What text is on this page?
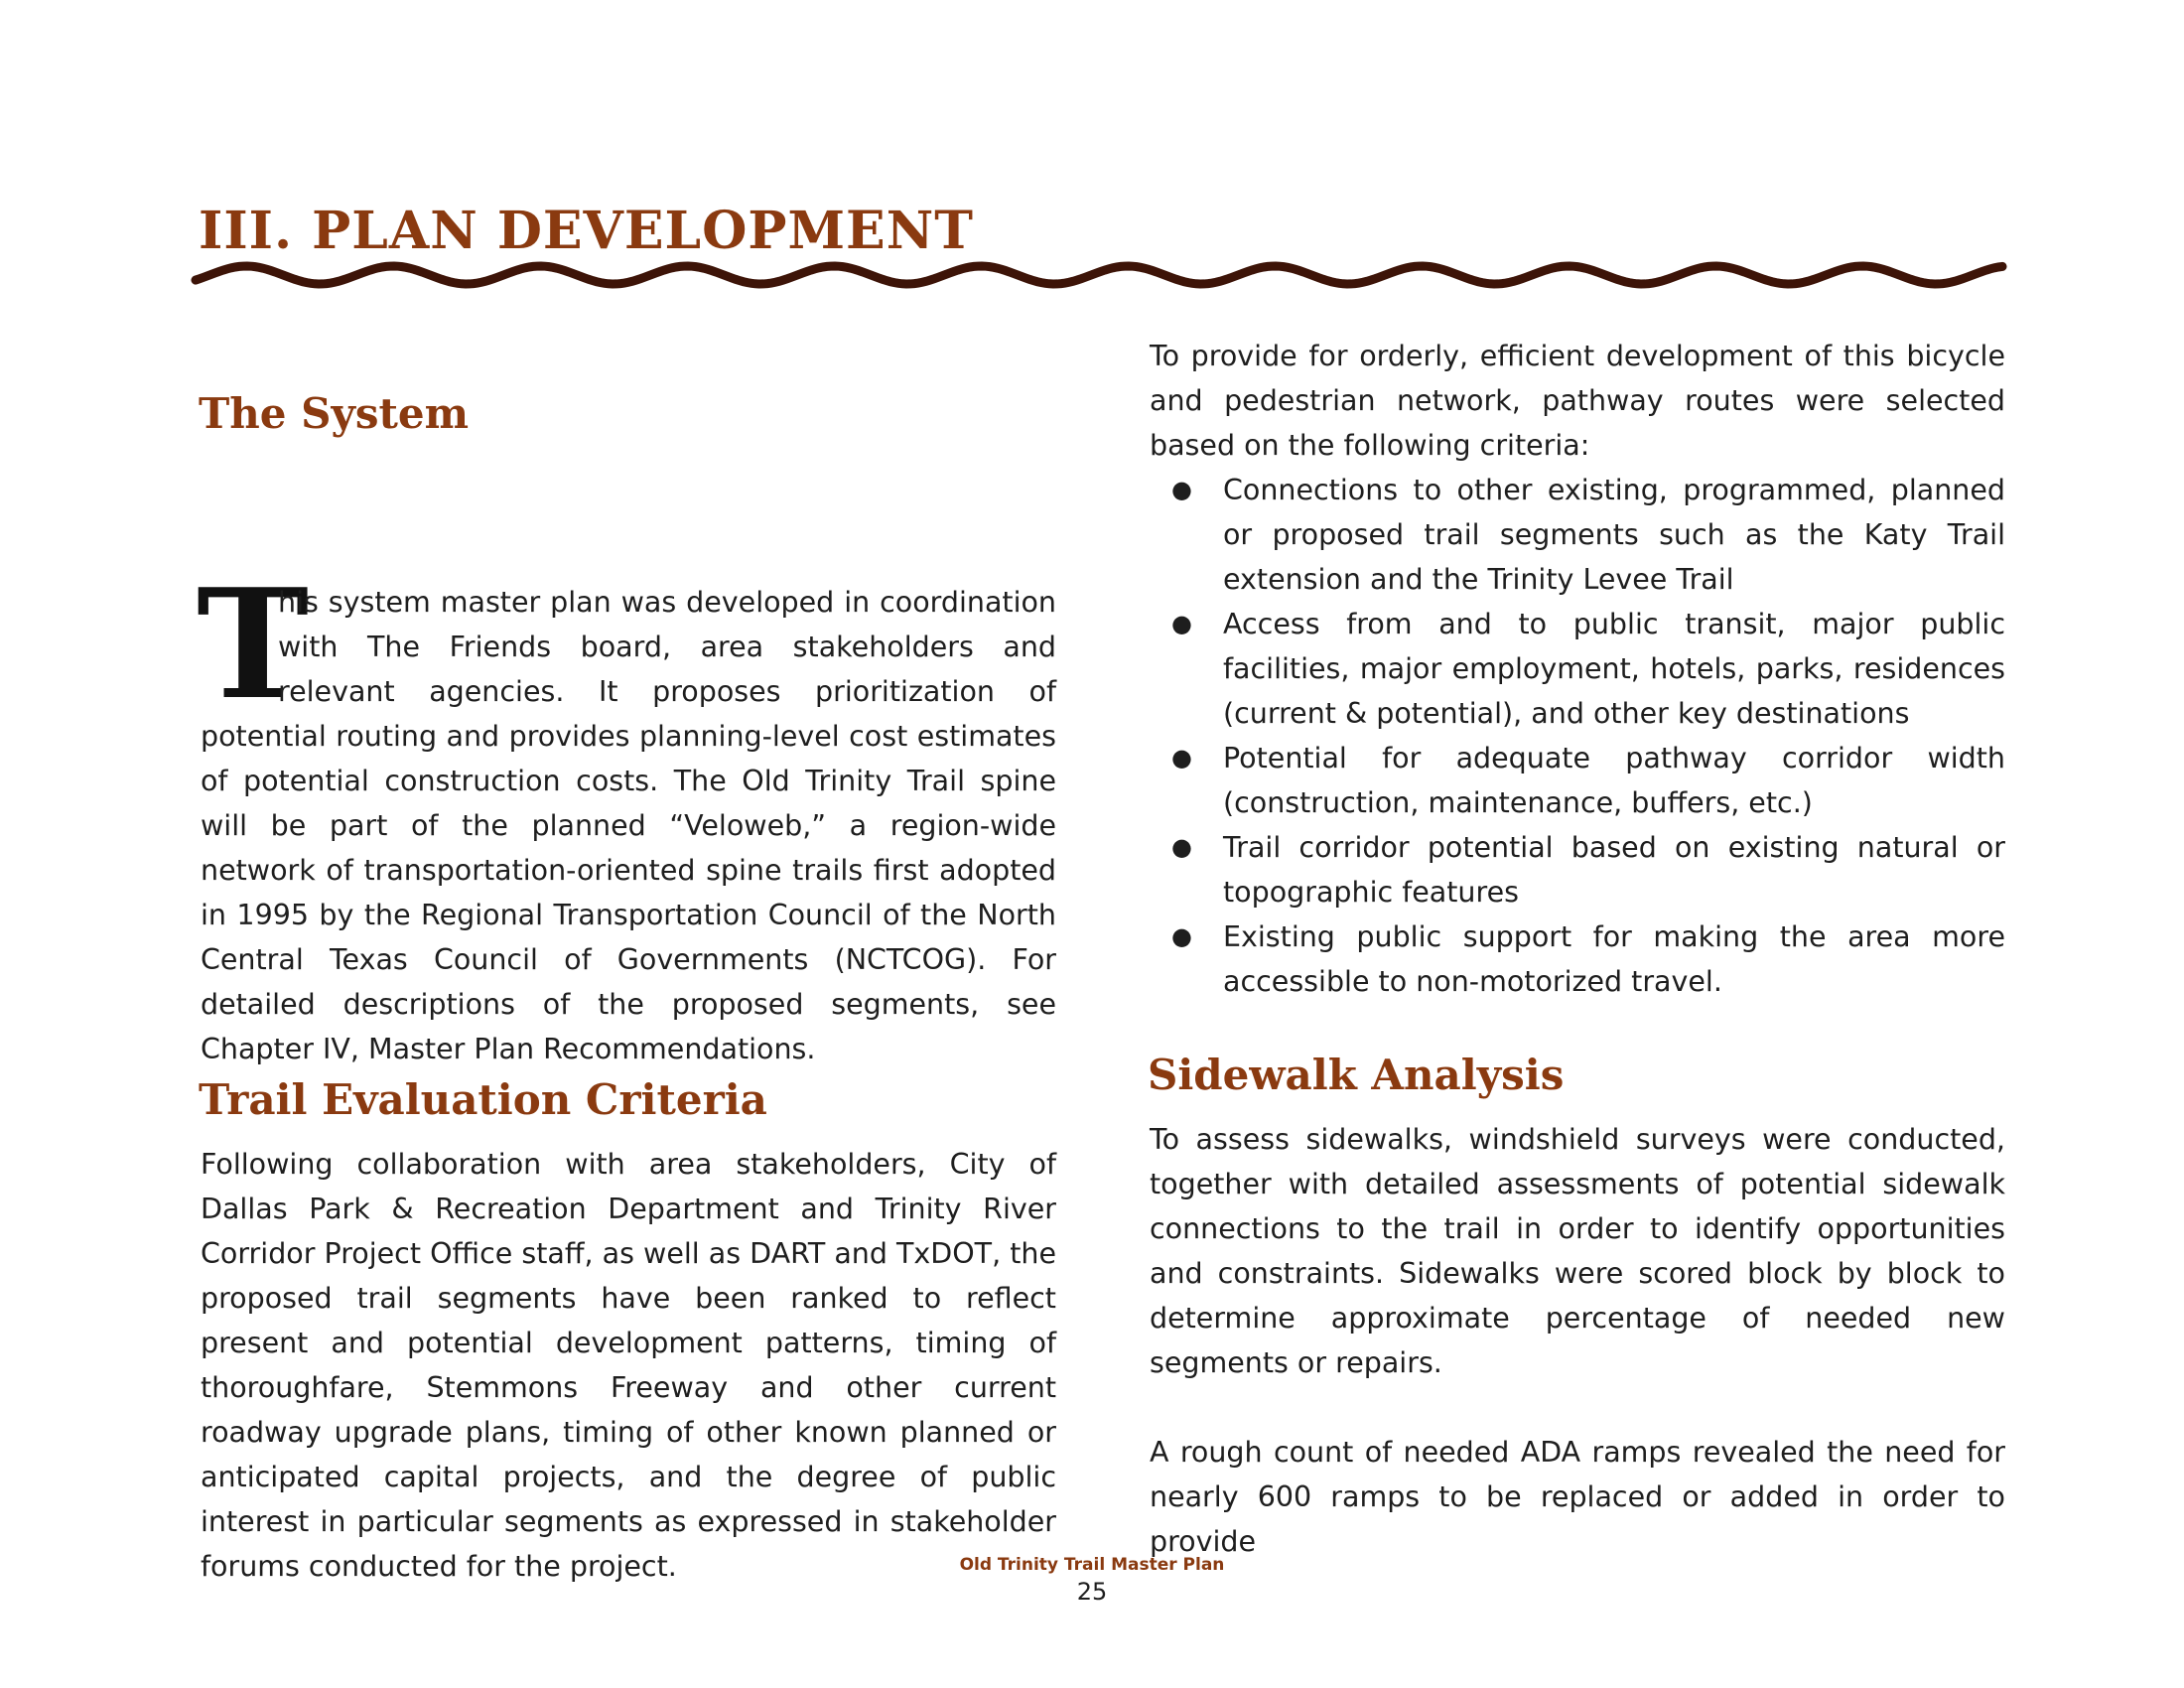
III. PLAN DEVELOPMENT
The System

T
his system master plan was developed in coordination with The Friends board, area stakeholders and relevant agencies. It proposes prioritization of potential routing and provides planning-level cost estimates of potential construction costs. The Old Trinity Trail spine will be part of the planned “Veloweb,” a region-wide network of transportation-oriented spine trails first adopted in 1995 by the Regional Transportation Council of the North Central Texas Council of Governments (NCTCOG). For detailed descriptions of the proposed segments, see Chapter IV, Master Plan Recommendations.

Trail Evaluation Criteria

Following collaboration with area stakeholders, City of Dallas Park & Recreation Department and Trinity River Corridor Project Office staff, as well as DART and TxDOT, the proposed trail segments have been ranked to reflect present and potential development patterns, timing of thoroughfare, Stemmons Freeway and other current roadway upgrade plans, timing of other known planned or anticipated capital projects, and the degree of public interest in particular segments as expressed in stakeholder forums conducted for the project.

To provide for orderly, efficient development of this bicycle and pedestrian network, pathway routes were selected based on the following criteria:

● Connections to other existing, programmed, planned or proposed trail segments such as the Katy Trail extension and the Trinity Levee Trail
● Access from and to public transit, major public facilities, major employment, hotels, parks, residences (current & potential), and other key destinations
● Potential for adequate pathway corridor width (construction, maintenance, buffers, etc.)
● Trail corridor potential based on existing natural or topographic features
● Existing public support for making the area more accessible to non-motorized travel.
Sidewalk Analysis

To assess sidewalks, windshield surveys were conducted, together with detailed assessments of potential sidewalk connections to the trail in order to identify opportunities and constraints. Sidewalks were scored block by block to determine approximate percentage of needed new segments or repairs.

A rough count of needed ADA ramps revealed the need for nearly 600 ramps to be replaced or added in order to provide

Old Trinity Trail Master Plan
25
